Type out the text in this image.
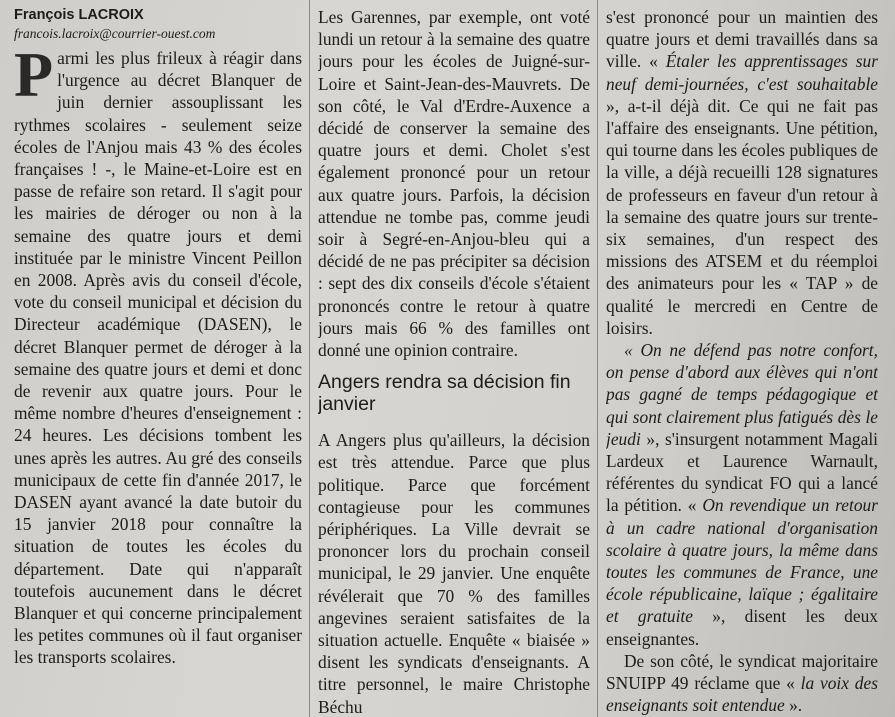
François LACROIX
francois.lacroix@courrier-ouest.com

Parmi les plus frileux à réagir dans l'urgence au décret Blanquer de juin dernier assouplissant les rythmes scolaires - seulement seize écoles de l'Anjou mais 43 % des écoles françaises ! -, le Maine-et-Loire est en passe de refaire son retard. Il s'agit pour les mairies de déroger ou non à la semaine des quatre jours et demi instituée par le ministre Vincent Peillon en 2008. Après avis du conseil d'école, vote du conseil municipal et décision du Directeur académique (DASEN), le décret Blanquer permet de déroger à la semaine des quatre jours et demi et donc de revenir aux quatre jours. Pour le même nombre d'heures d'enseignement : 24 heures. Les décisions tombent les unes après les autres. Au gré des conseils municipaux de cette fin d'année 2017, le DASEN ayant avancé la date butoir du 15 janvier 2018 pour connaître la situation de toutes les écoles du département. Date qui n'apparaît toutefois aucunement dans le décret Blanquer et qui concerne principalement les petites communes où il faut organiser les transports scolaires.

Les Garennes, par exemple, ont voté lundi un retour à la semaine des quatre jours pour les écoles de Juigné-sur-Loire et Saint-Jean-des-Mauvrets. De son côté, le Val d'Erdre-Auxence a décidé de conserver la semaine des quatre jours et demi. Cholet s'est également prononcé pour un retour aux quatre jours. Parfois, la décision attendue ne tombe pas, comme jeudi soir à Segré-en-Anjou-bleu qui a décidé de ne pas précipiter sa décision : sept des dix conseils d'école s'étaient prononcés contre le retour à quatre jours mais 66 % des familles ont donné une opinion contraire.

Angers rendra sa décision fin janvier

A Angers plus qu'ailleurs, la décision est très attendue. Parce que plus politique. Parce que forcément contagieuse pour les communes périphériques. La Ville devrait se prononcer lors du prochain conseil municipal, le 29 janvier. Une enquête révélerait que 70 % des familles angevines seraient satisfaites de la situation actuelle. Enquête « biaisée » disent les syndicats d'enseignants. A titre personnel, le maire Christophe Béchu

s'est prononcé pour un maintien des quatre jours et demi travaillés dans sa ville. « Étaler les apprentissages sur neuf demi-journées, c'est souhaitable », a-t-il déjà dit. Ce qui ne fait pas l'affaire des enseignants. Une pétition, qui tourne dans les écoles publiques de la ville, a déjà recueilli 128 signatures de professeurs en faveur d'un retour à la semaine des quatre jours sur trente-six semaines, d'un respect des missions des ATSEM et du réemploi des animateurs pour les « TAP » de qualité le mercredi en Centre de loisirs.

« On ne défend pas notre confort, on pense d'abord aux élèves qui n'ont pas gagné de temps pédagogique et qui sont clairement plus fatigués dès le jeudi », s'insurgent notamment Magali Lardeux et Laurence Warnault, référentes du syndicat FO qui a lancé la pétition. « On revendique un retour à un cadre national d'organisation scolaire à quatre jours, la même dans toutes les communes de France, une école républicaine, laïque ; égalitaire et gratuite », disent les deux enseignantes.

De son côté, le syndicat majoritaire SNUIPP 49 réclame que « la voix des enseignants soit entendue ».
